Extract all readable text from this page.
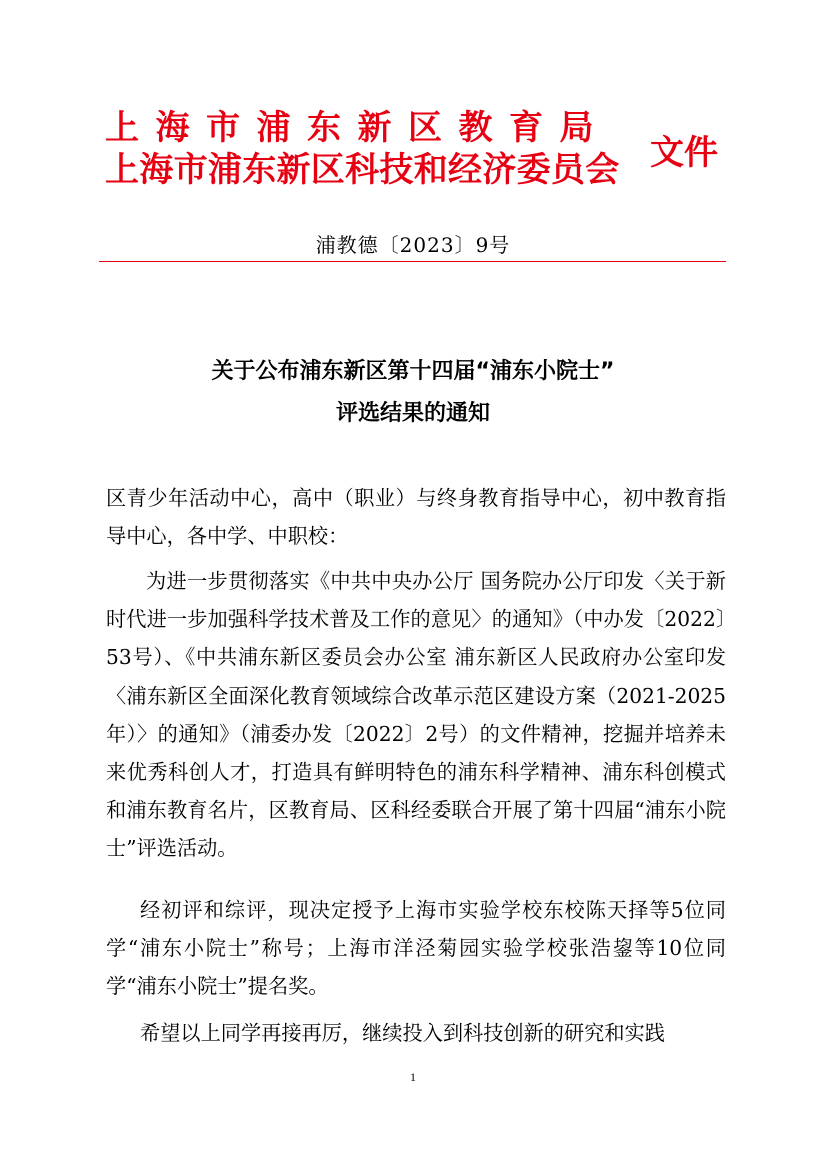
上海市浦东新区教育局
上海市浦东新区科技和经济委员会 文件
浦教德〔2023〕9号
关于公布浦东新区第十四届“浦东小院士”
评选结果的通知

区青少年活动中心，高中（职业）与终身教育指导中心，初中教育指导中心，各中学、中职校：

为进一步贯彻落实《中共中央办公厅 国务院办公厅印发〈关于新时代进一步加强科学技术普及工作的意见〉的通知》（中办发〔2022〕53号）、《中共浦东新区委员会办公室 浦东新区人民政府办公室印发〈浦东新区全面深化教育领域综合改革示范区建设方案（2021-2025年）〉的通知》（浦委办发〔2022〕2号）的文件精神，挖掘并培养未来优秀科创人才，打造具有鲜明特色的浦东科学精神、浦东科创模式和浦东教育名片，区教育局、区科经委联合开展了第十四届“浦东小院士”评选活动。

经初评和综评，现决定授予上海市实验学校东校陈天择等5位同学“浦东小院士”称号；上海市洋泾菊园实验学校张浩鋆等10位同学“浦东小院士”提名奖。

希望以上同学再接再厉，继续投入到科技创新的研究和实践

1
